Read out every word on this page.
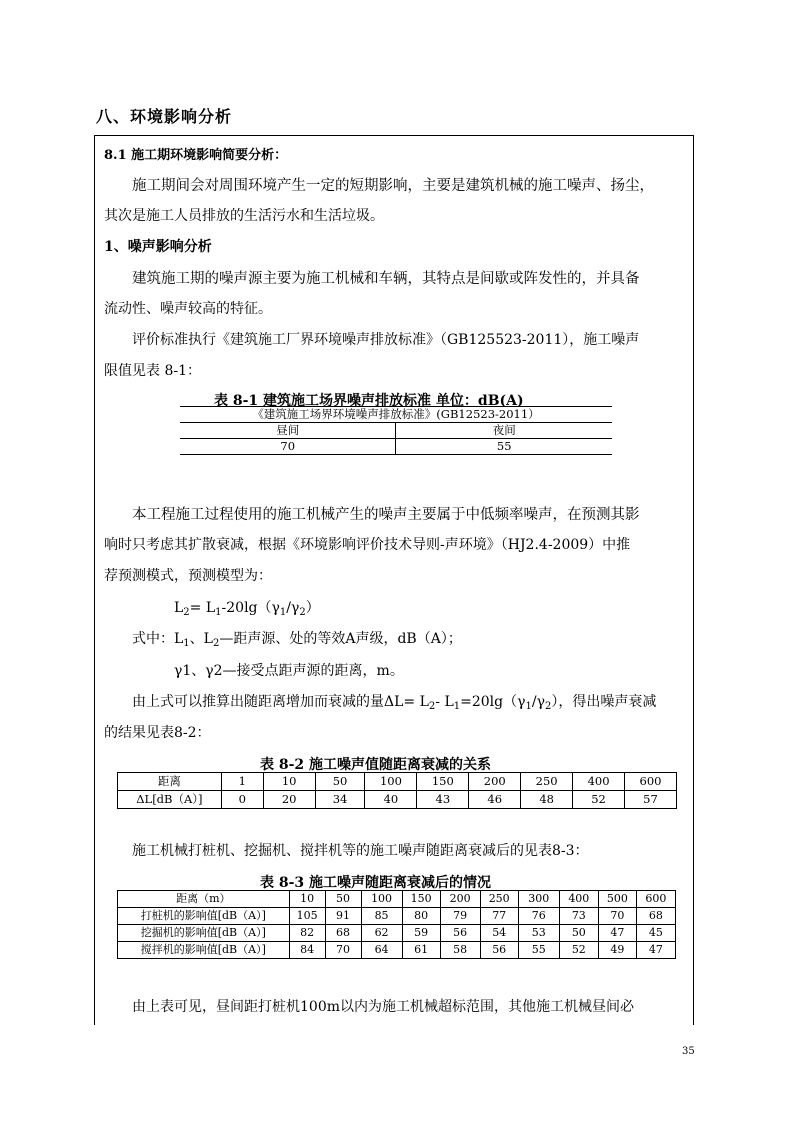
八、环境影响分析
8.1 施工期环境影响简要分析：
施工期间会对周围环境产生一定的短期影响，主要是建筑机械的施工噪声、扬尘，
其次是施工人员排放的生活污水和生活垃圾。
1、噪声影响分析
建筑施工期的噪声源主要为施工机械和车辆，其特点是间歇或阵发性的，并具备
流动性、噪声较高的特征。
评价标准执行《建筑施工厂界环境噪声排放标准》（GB125523-2011），施工噪声
限值见表 8-1：
表 8-1 建筑施工场界噪声排放标准 单位：dB(A)
《建筑施工场界环境噪声排放标准》(GB12523-2011）	
昼间	夜间
70	55
本工程施工过程使用的施工机械产生的噪声主要属于中低频率噪声，在预测其影
响时只考虑其扩散衰减，根据《环境影响评价技术导则-声环境》（HJ2.4-2009）中推
荐预测模式，预测模型为：
$L_2= L_1-20\lg(\gamma_1/\gamma_2)$
式中：$L_1$、$L_2—$距声源、处的等效A声级，dB（A）；
γ1、γ2—接受点距声源的距离，m。
由上式可以推算出随距离增加而衰减的量$\Delta L= L_2-$ $L_1=20\lg(\gamma_1/\gamma_2)$，得出噪声衰减
的结果见表8-2：
表 8-2 施工噪声值随距离衰减的关系
距离	1	10	50	100	150	200	250	400	600
ΔL[dB（A）]	0	20	34	40	43	46	48	52	57
施工机械打桩机、挖掘机、搅拌机等的施工噪声随距离衰减后的见表8-3：
表 8-3 施工噪声随距离衰减后的情况
距离（m）	10	50	100	150	200	250	300	400	500	600
打桩机的影响值[dB（A）]	105	91	85	80	79	77	76	73	70	68
挖掘机的影响值[dB（A）]	82	68	62	59	56	54	53	50	47	45
搅拌机的影响值[dB（A）]	84	70	64	61	58	56	55	52	49	47
由上表可见，昼间距打桩机100m以内为施工机械超标范围，其他施工机械昼间必
35
